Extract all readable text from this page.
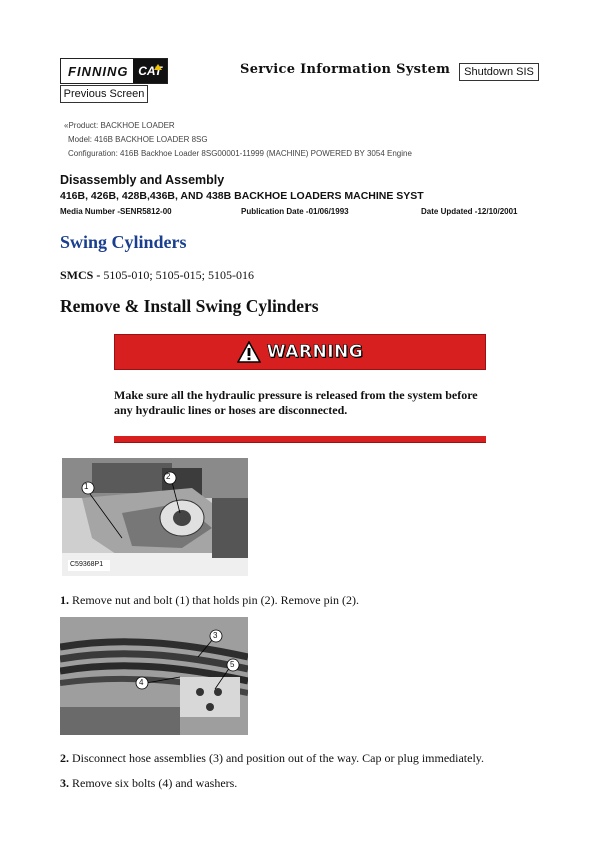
FINNING CAT	Service Information System	Shutdown SIS
Previous Screen
«Product: BACKHOE LOADER
Model: 416B BACKHOE LOADER 8SG
Configuration: 416B Backhoe Loader 8SG00001-11999 (MACHINE) POWERED BY 3054 Engine
Disassembly and Assembly
416B, 426B, 428B,436B, AND 438B BACKHOE LOADERS MACHINE SYST
Media Number -SENR5812-00	Publication Date -01/06/1993	Date Updated -12/10/2001
Swing Cylinders
SMCS - 5105-010; 5105-015; 5105-016
Remove & Install Swing Cylinders
WARNING
Make sure all the hydraulic pressure is released from the system before any hydraulic lines or hoses are disconnected.
1
2
C59368P1
1. Remove nut and bolt (1) that holds pin (2). Remove pin (2).
3
4
5
2. Disconnect hose assemblies (3) and position out of the way. Cap or plug immediately.
3. Remove six bolts (4) and washers.
